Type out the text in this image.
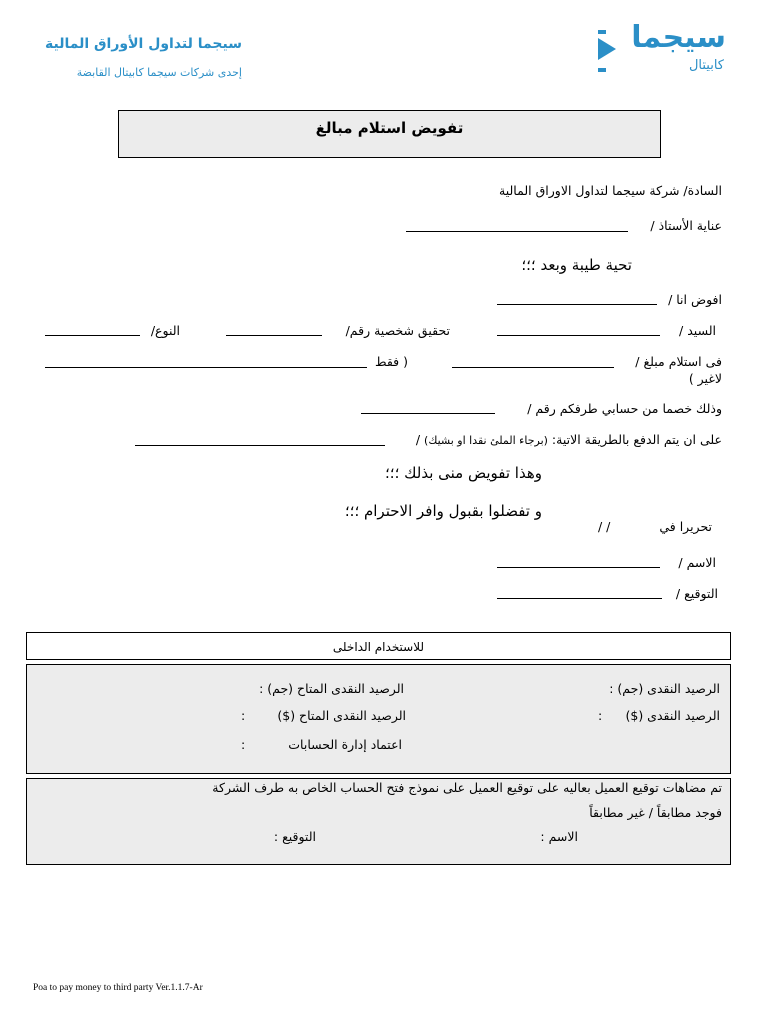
سيجما لتداول الأوراق المالية
إحدى شركات سيجما كابيتال القابضة
سيجما
كابيتال
تفويض استلام مبالغ
السادة/ شركة سيجما لتداول الاوراق المالية
عناية الأستاذ /
تحية طيبة وبعد ؛؛؛
افوض انا /
السيد /
تحقيق شخصية رقم/
النوع/
فى استلام مبلغ /
( فقط
لاغير )
وذلك خصما من حسابي طرفكم رقم /
على ان يتم الدفع بالطريقة الاتية: (برجاء الملئ نقدا او بشيك) /
وهذا تفويض منى بذلك ؛؛؛
و تفضلوا بقبول وافر الاحترام ؛؛؛
تحريرا في
/ /
الاسم /
التوقيع /
للاستخدام الداخلى
الرصيد النقدى (جم) :
الرصيد النقدى المتاح (جم) :
الرصيد النقدى ($)
:
الرصيد النقدى المتاح ($)
:
اعتماد إدارة الحسابات
:
تم مضاهات توقيع العميل بعاليه على توقيع العميل على نموذج فتح الحساب الخاص به طرف الشركة
فوجد مطابقاً / غير مطابقاً
الاسم :
التوقيع :
Poa to pay money to third party Ver.1.1.7-Ar
